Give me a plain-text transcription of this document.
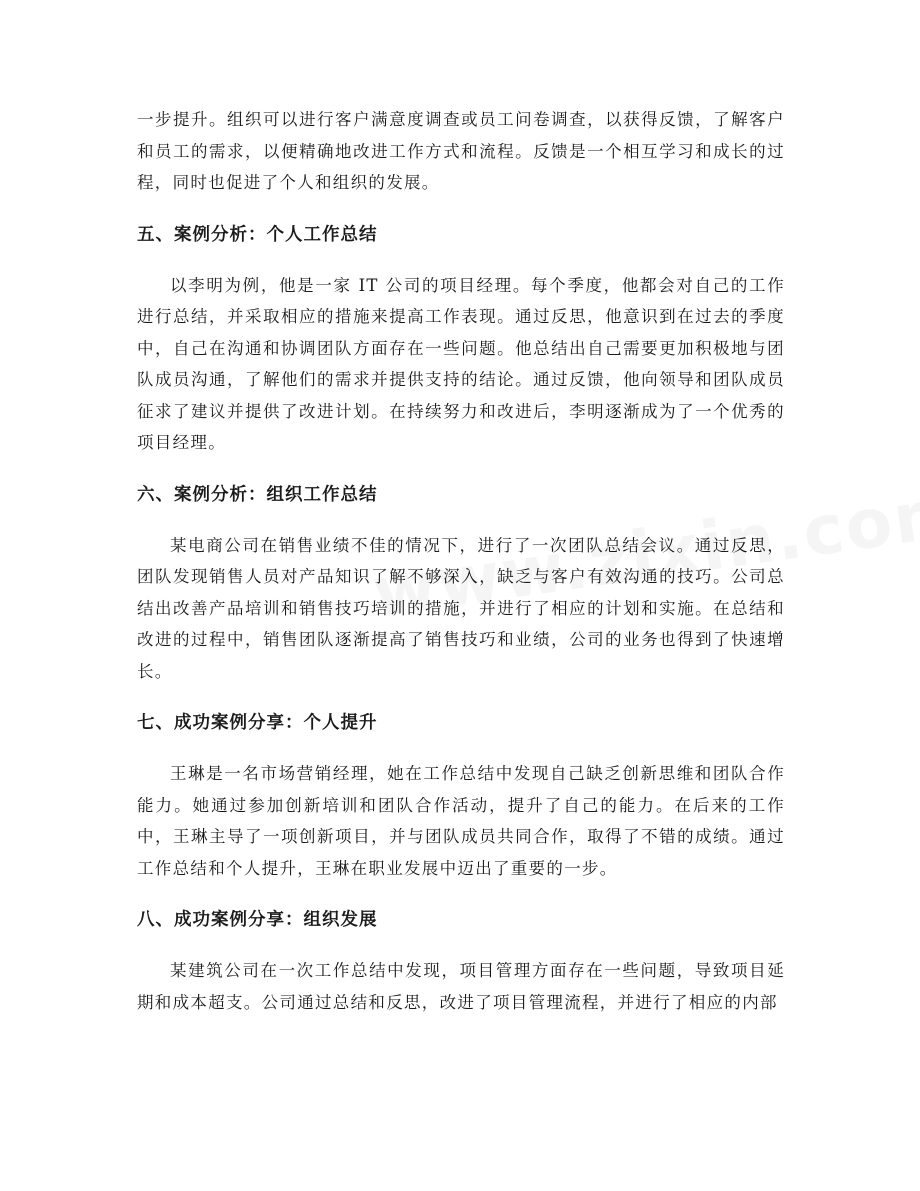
一步提升。组织可以进行客户满意度调查或员工问卷调查，以获得反馈，了解客户和员工的需求，以便精确地改进工作方式和流程。反馈是一个相互学习和成长的过程，同时也促进了个人和组织的发展。

五、案例分析：个人工作总结

以李明为例，他是一家 IT 公司的项目经理。每个季度，他都会对自己的工作进行总结，并采取相应的措施来提高工作表现。通过反思，他意识到在过去的季度中，自己在沟通和协调团队方面存在一些问题。他总结出自己需要更加积极地与团队成员沟通，了解他们的需求并提供支持的结论。通过反馈，他向领导和团队成员征求了建议并提供了改进计划。在持续努力和改进后，李明逐渐成为了一个优秀的项目经理。

六、案例分析：组织工作总结

某电商公司在销售业绩不佳的情况下，进行了一次团队总结会议。通过反思，团队发现销售人员对产品知识了解不够深入，缺乏与客户有效沟通的技巧。公司总结出改善产品培训和销售技巧培训的措施，并进行了相应的计划和实施。在总结和改进的过程中，销售团队逐渐提高了销售技巧和业绩，公司的业务也得到了快速增长。

七、成功案例分享：个人提升

王琳是一名市场营销经理，她在工作总结中发现自己缺乏创新思维和团队合作能力。她通过参加创新培训和团队合作活动，提升了自己的能力。在后来的工作中，王琳主导了一项创新项目，并与团队成员共同合作，取得了不错的成绩。通过工作总结和个人提升，王琳在职业发展中迈出了重要的一步。

八、成功案例分享：组织发展

某建筑公司在一次工作总结中发现，项目管理方面存在一些问题，导致项目延期和成本超支。公司通过总结和反思，改进了项目管理流程，并进行了相应的内部
